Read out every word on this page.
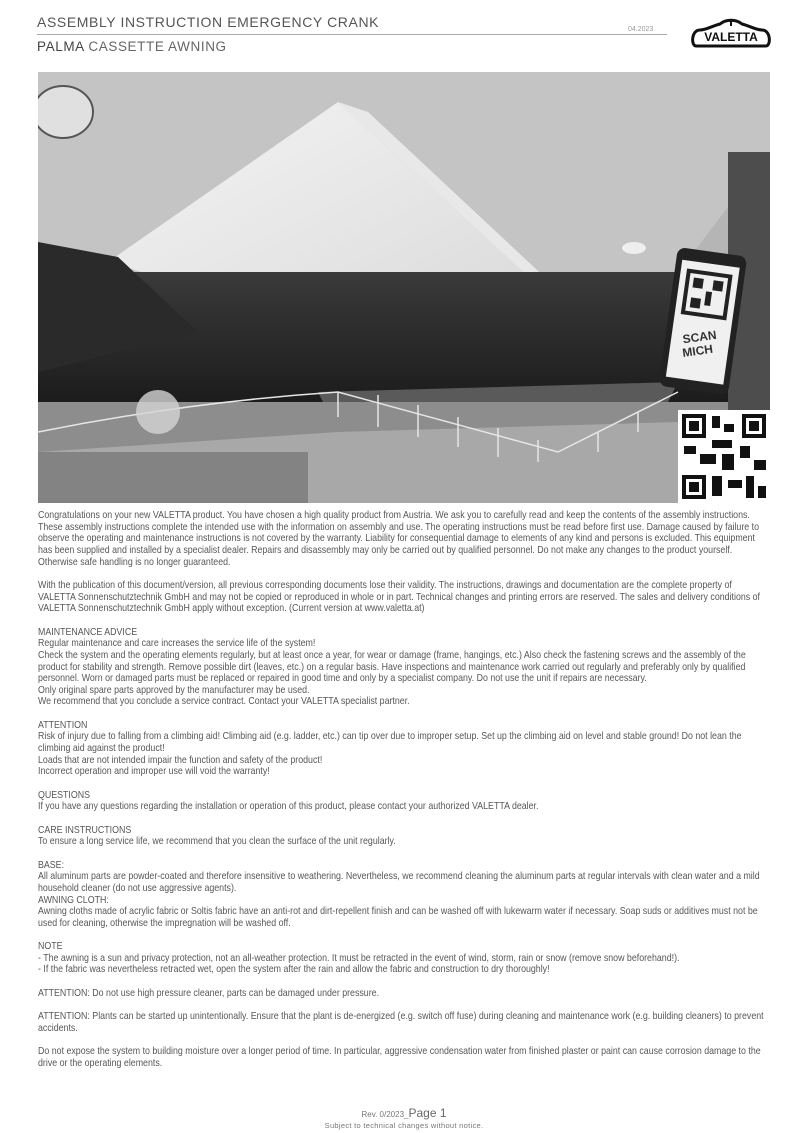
ASSEMBLY INSTRUCTION EMERGENCY CRANK	04.2023
PALMA CASSETTE AWNING
VALETTA
SONNENSCHUTZTECHNIK
SCAN
MICH

Congratulations on your new VALETTA product. You have chosen a high quality product from Austria. We ask you to carefully read and keep the contents of the assembly instructions. These assembly instructions complete the intended use with the information on assembly and use. The operating instructions must be read before first use. Damage caused by failure to observe the operating and maintenance instructions is not covered by the warranty. Liability for consequential damage to elements of any kind and persons is excluded. This equipment has been supplied and installed by a specialist dealer. Repairs and disassembly may only be carried out by qualified personnel. Do not make any changes to the product yourself. Otherwise safe handling is no longer guaranteed.

With the publication of this document/version, all previous corresponding documents lose their validity. The instructions, drawings and documentation are the complete property of VALETTA Sonnenschutztechnik GmbH and may not be copied or reproduced in whole or in part. Technical changes and printing errors are reserved. The sales and delivery conditions of VALETTA Sonnenschutztechnik GmbH apply without exception. (Current version at www.valetta.at)

MAINTENANCE ADVICE
Regular maintenance and care increases the service life of the system!
Check the system and the operating elements regularly, but at least once a year, for wear or damage (frame, hangings, etc.) Also check the fastening screws and the assembly of the product for stability and strength. Remove possible dirt (leaves, etc.) on a regular basis. Have inspections and maintenance work carried out regularly and preferably only by qualified personnel. Worn or damaged parts must be replaced or repaired in good time and only by a specialist company. Do not use the unit if repairs are necessary.
Only original spare parts approved by the manufacturer may be used.
We recommend that you conclude a service contract. Contact your VALETTA specialist partner.

ATTENTION
Risk of injury due to falling from a climbing aid! Climbing aid (e.g. ladder, etc.) can tip over due to improper setup. Set up the climbing aid on level and stable ground! Do not lean the climbing aid against the product!
Loads that are not intended impair the function and safety of the product!
Incorrect operation and improper use will void the warranty!

QUESTIONS
If you have any questions regarding the installation or operation of this product, please contact your authorized VALETTA dealer.

CARE INSTRUCTIONS
To ensure a long service life, we recommend that you clean the surface of the unit regularly.

BASE:
All aluminum parts are powder-coated and therefore insensitive to weathering. Nevertheless, we recommend cleaning the aluminum parts at regular intervals with clean water and a mild household cleaner (do not use aggressive agents).
AWNING CLOTH:
Awning cloths made of acrylic fabric or Soltis fabric have an anti-rot and dirt-repellent finish and can be washed off with lukewarm water if necessary. Soap suds or additives must not be used for cleaning, otherwise the impregnation will be washed off.

NOTE
- The awning is a sun and privacy protection, not an all-weather protection. It must be retracted in the event of wind, storm, rain or snow (remove snow beforehand!).
- If the fabric was nevertheless retracted wet, open the system after the rain and allow the fabric and construction to dry thoroughly!

ATTENTION: Do not use high pressure cleaner, parts can be damaged under pressure.

ATTENTION: Plants can be started up unintentionally. Ensure that the plant is de-energized (e.g. switch off fuse) during cleaning and maintenance work (e.g. building cleaners) to prevent accidents.

Do not expose the system to building moisture over a longer period of time. In particular, aggressive condensation water from finished plaster or paint can cause corrosion damage to the drive or the operating elements.

Rev. 0/2023_Page 1
Subject to technical changes without notice.
